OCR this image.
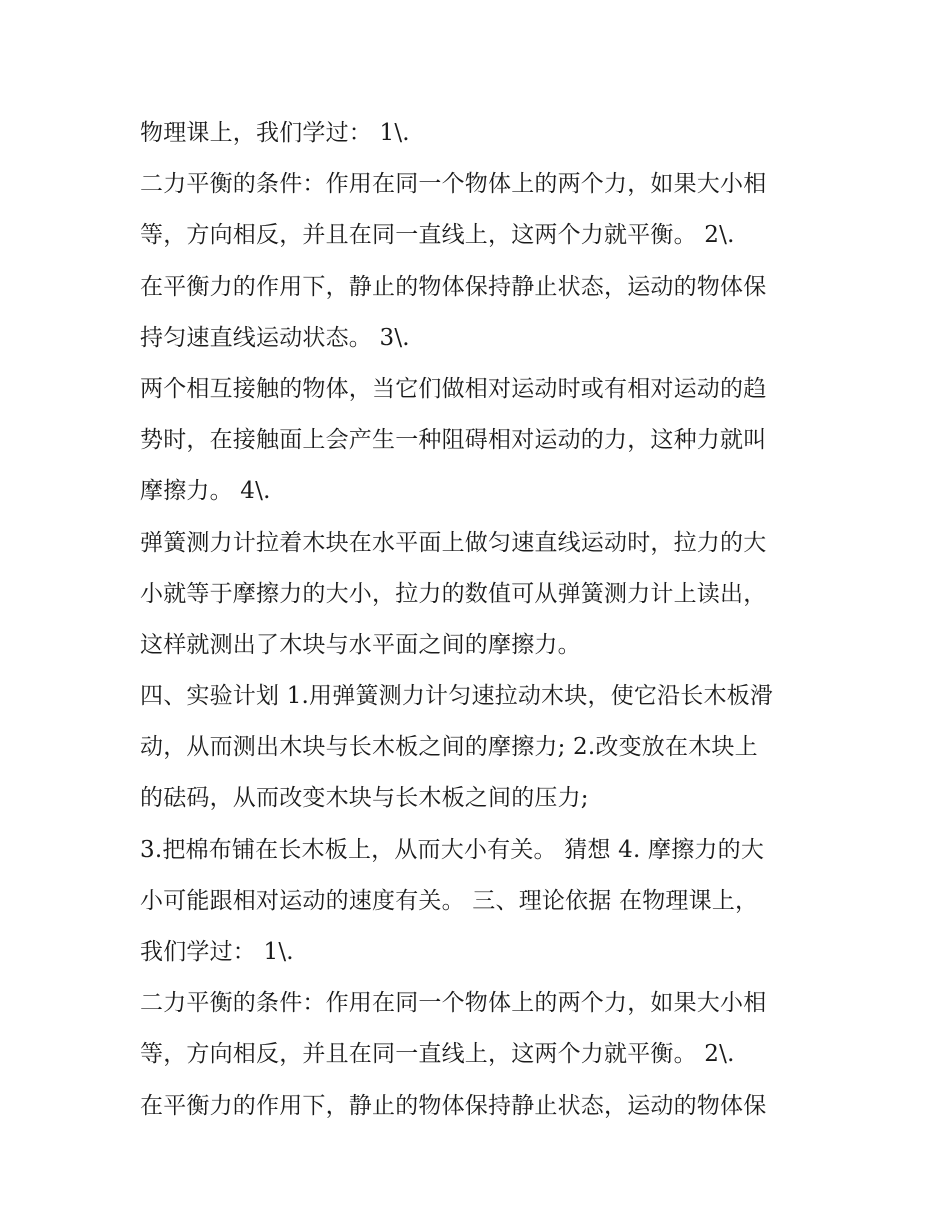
物理课上，我们学过： 1\.
二力平衡的条件：作用在同一个物体上的两个力，如果大小相
等，方向相反，并且在同一直线上，这两个力就平衡。 2\.
在平衡力的作用下，静止的物体保持静止状态，运动的物体保
持匀速直线运动状态。 3\.
两个相互接触的物体，当它们做相对运动时或有相对运动的趋
势时，在接触面上会产生一种阻碍相对运动的力，这种力就叫
摩擦力。 4\.
弹簧测力计拉着木块在水平面上做匀速直线运动时，拉力的大
小就等于摩擦力的大小，拉力的数值可从弹簧测力计上读出，
这样就测出了木块与水平面之间的摩擦力。
四、实验计划 1.用弹簧测力计匀速拉动木块，使它沿长木板滑
动，从而测出木块与长木板之间的摩擦力; 2.改变放在木块上
的砝码，从而改变木块与长木板之间的压力;
3.把棉布铺在长木板上，从而大小有关。 猜想 4. 摩擦力的大
小可能跟相对运动的速度有关。 三、理论依据 在物理课上，
我们学过： 1\.
二力平衡的条件：作用在同一个物体上的两个力，如果大小相
等，方向相反，并且在同一直线上，这两个力就平衡。 2\.
在平衡力的作用下，静止的物体保持静止状态，运动的物体保
